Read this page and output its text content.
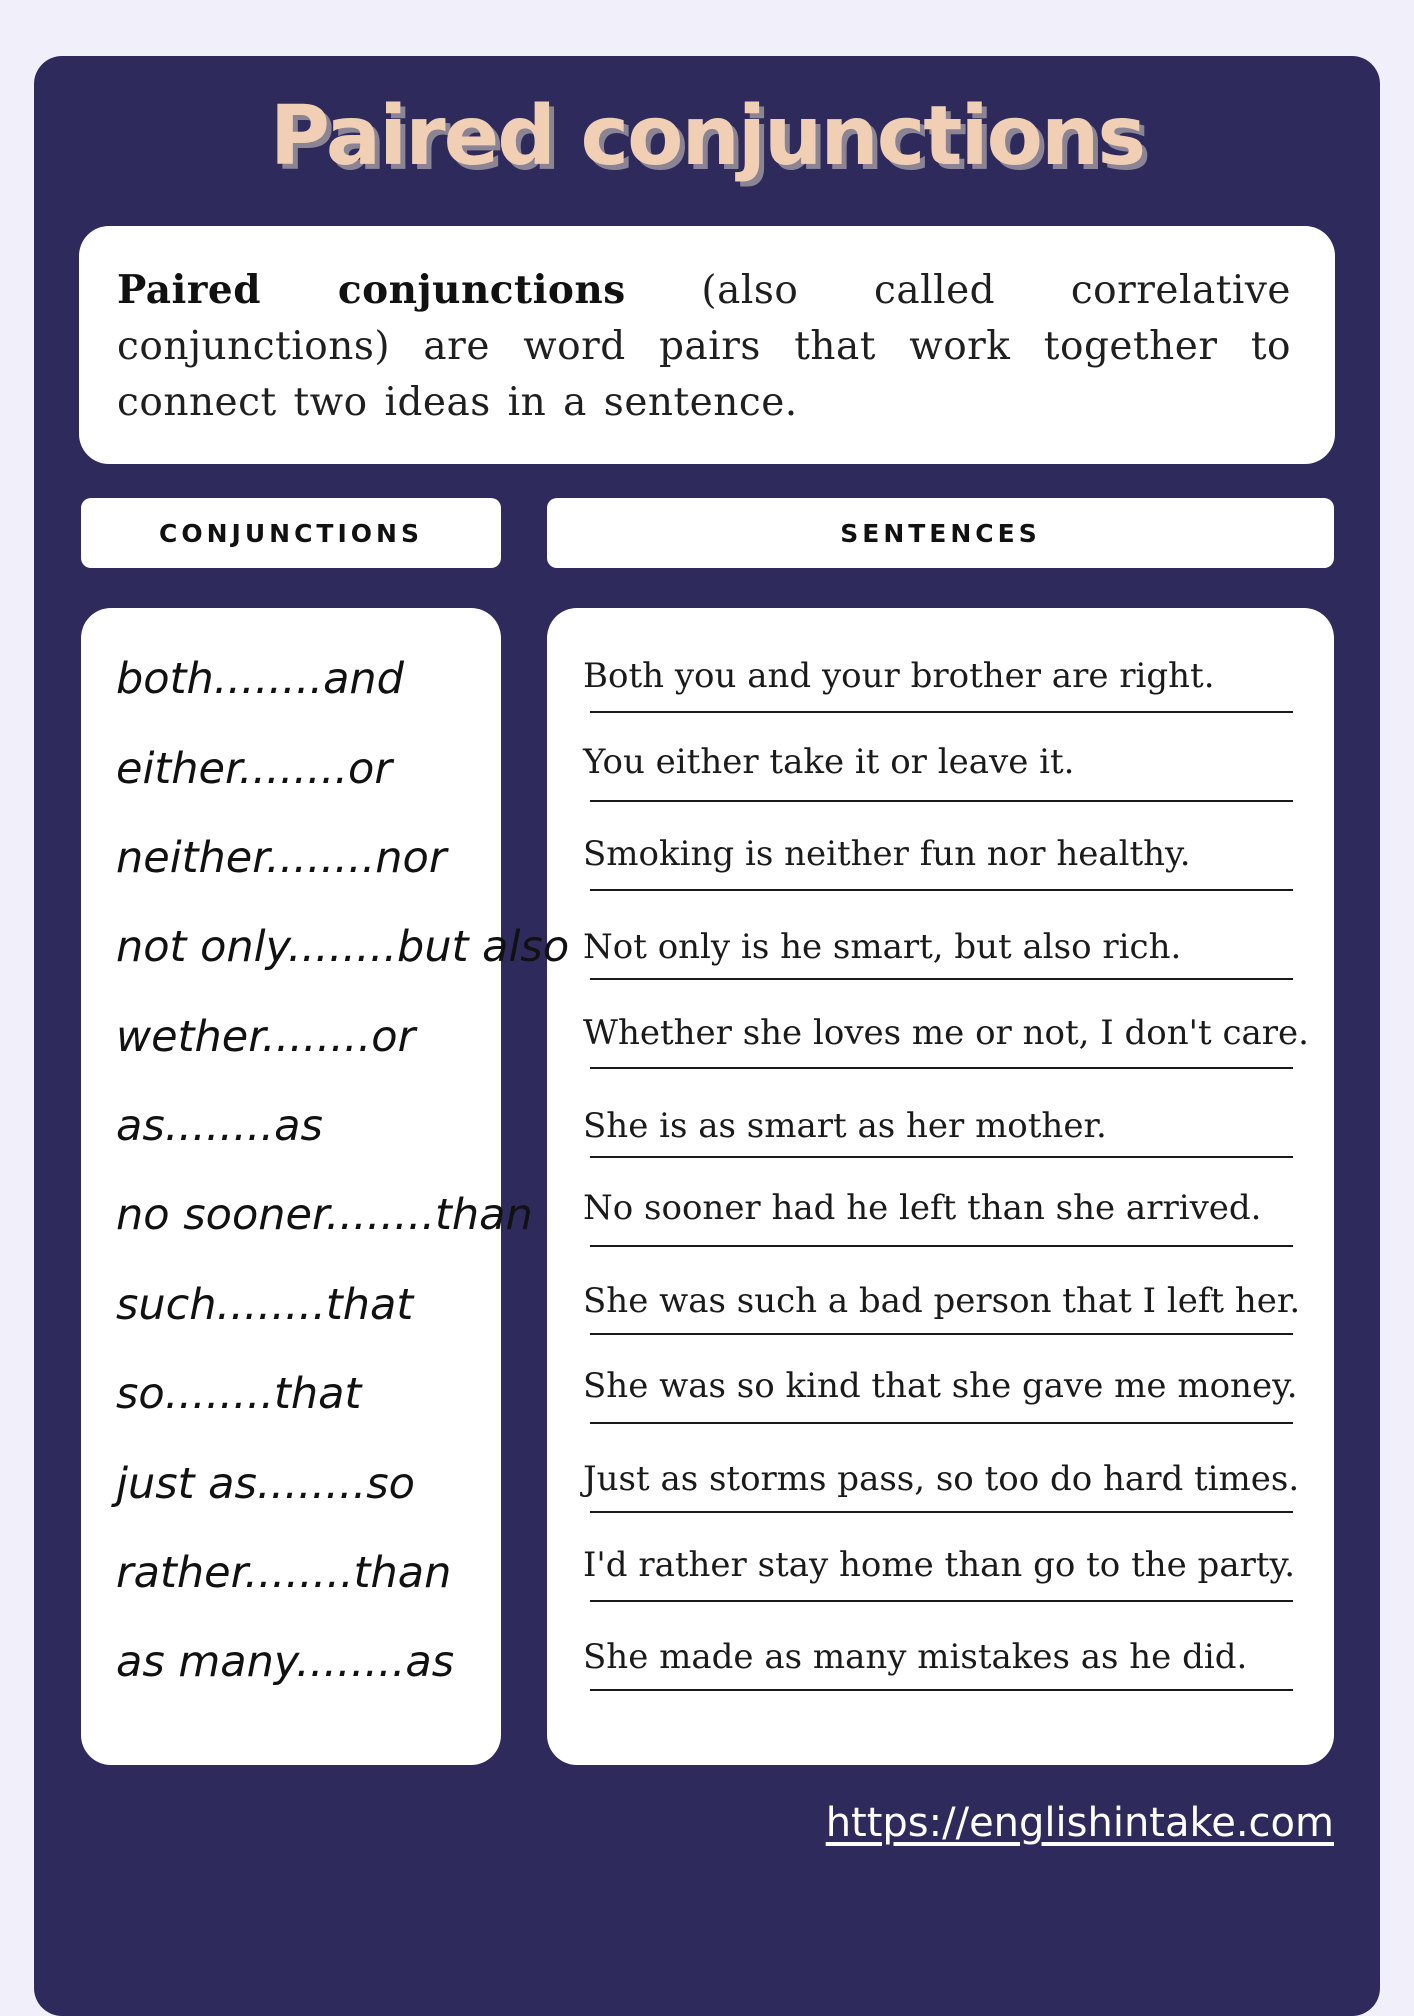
Paired conjunctions

Paired conjunctions (also called correlative conjunctions) are word pairs that work together to connect two ideas in a sentence.

CONJUNCTIONS	SENTENCES
both........and
either........or
neither........nor
not only........but also
wether........or
as........as
no sooner........than
such........that
so........that
just as........so
rather........than
as many........as
Both you and your brother are right.
You either take it or leave it.
Smoking is neither fun nor healthy.
Not only is he smart, but also rich.
Whether she loves me or not, I don't care.
She is as smart as her mother.
No sooner had he left than she arrived.
She was such a bad person that I left her.
She was so kind that she gave me money.
Just as storms pass, so too do hard times.
I'd rather stay home than go to the party.
She made as many mistakes as he did.
https://englishintake.com
